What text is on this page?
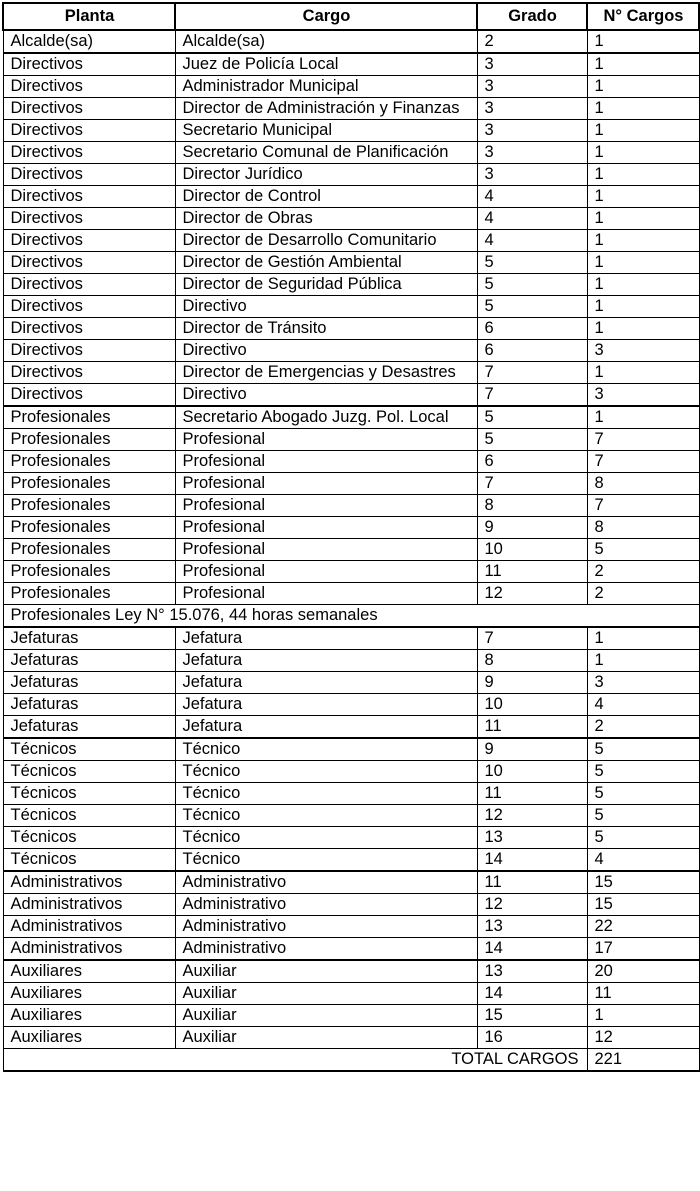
Planta	Cargo	Grado	N° Cargos
Alcalde(sa)	Alcalde(sa)	2	1
Directivos	Juez de Policía Local	3	1
Directivos	Administrador Municipal	3	1
Directivos	Director de Administración y Finanzas	3	1
Directivos	Secretario Municipal	3	1
Directivos	Secretario Comunal de Planificación	3	1
Directivos	Director Jurídico	3	1
Directivos	Director de Control	4	1
Directivos	Director de Obras	4	1
Directivos	Director de Desarrollo Comunitario	4	1
Directivos	Director de Gestión Ambiental	5	1
Directivos	Director de Seguridad Pública	5	1
Directivos	Directivo	5	1
Directivos	Director de Tránsito	6	1
Directivos	Directivo	6	3
Directivos	Director de Emergencias y Desastres	7	1
Directivos	Directivo	7	3
Profesionales	Secretario Abogado Juzg. Pol. Local	5	1
Profesionales	Profesional	5	7
Profesionales	Profesional	6	7
Profesionales	Profesional	7	8
Profesionales	Profesional	8	7
Profesionales	Profesional	9	8
Profesionales	Profesional	10	5
Profesionales	Profesional	11	2
Profesionales	Profesional	12	2
Profesionales Ley N° 15.076, 44 horas semanales			
Jefaturas	Jefatura	7	1
Jefaturas	Jefatura	8	1
Jefaturas	Jefatura	9	3
Jefaturas	Jefatura	10	4
Jefaturas	Jefatura	11	2
Técnicos	Técnico	9	5
Técnicos	Técnico	10	5
Técnicos	Técnico	11	5
Técnicos	Técnico	12	5
Técnicos	Técnico	13	5
Técnicos	Técnico	14	4
Administrativos	Administrativo	11	15
Administrativos	Administrativo	12	15
Administrativos	Administrativo	13	22
Administrativos	Administrativo	14	17
Auxiliares	Auxiliar	13	20
Auxiliares	Auxiliar	14	11
Auxiliares	Auxiliar	15	1
Auxiliares	Auxiliar	16	12
	TOTAL CARGOS		221
